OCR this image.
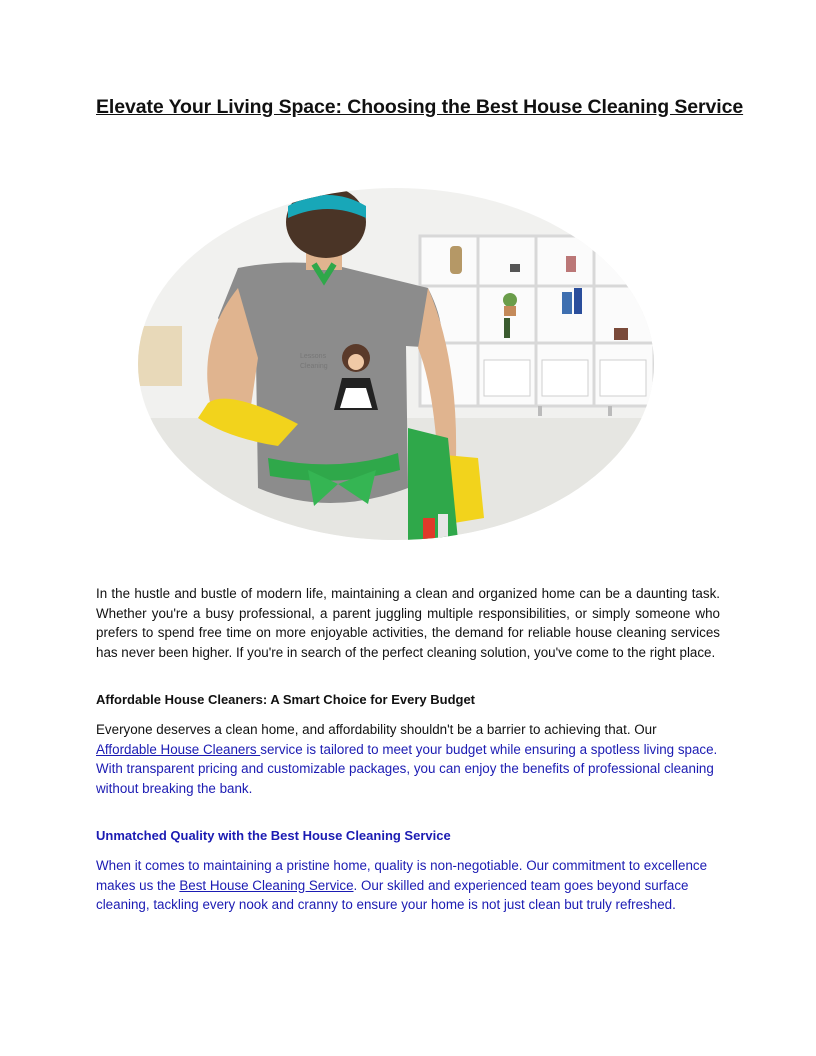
Elevate Your Living Space: Choosing the Best House Cleaning Service
Lessons
Cleaning

In the hustle and bustle of modern life, maintaining a clean and organized home can be a daunting task. Whether you're a busy professional, a parent juggling multiple responsibilities, or simply someone who prefers to spend free time on more enjoyable activities, the demand for reliable house cleaning services has never been higher. If you're in search of the perfect cleaning solution, you've come to the right place.

Affordable House Cleaners: A Smart Choice for Every Budget

Everyone deserves a clean home, and affordability shouldn't be a barrier to achieving that. Our
Affordable House Cleaners service is tailored to meet your budget while ensuring a spotless living space. With transparent pricing and customizable packages, you can enjoy the benefits of professional cleaning without breaking the bank.

Unmatched Quality with the Best House Cleaning Service

When it comes to maintaining a pristine home, quality is non-negotiable. Our commitment to excellence makes us the Best House Cleaning Service. Our skilled and experienced team goes beyond surface cleaning, tackling every nook and cranny to ensure your home is not just clean but truly refreshed.
